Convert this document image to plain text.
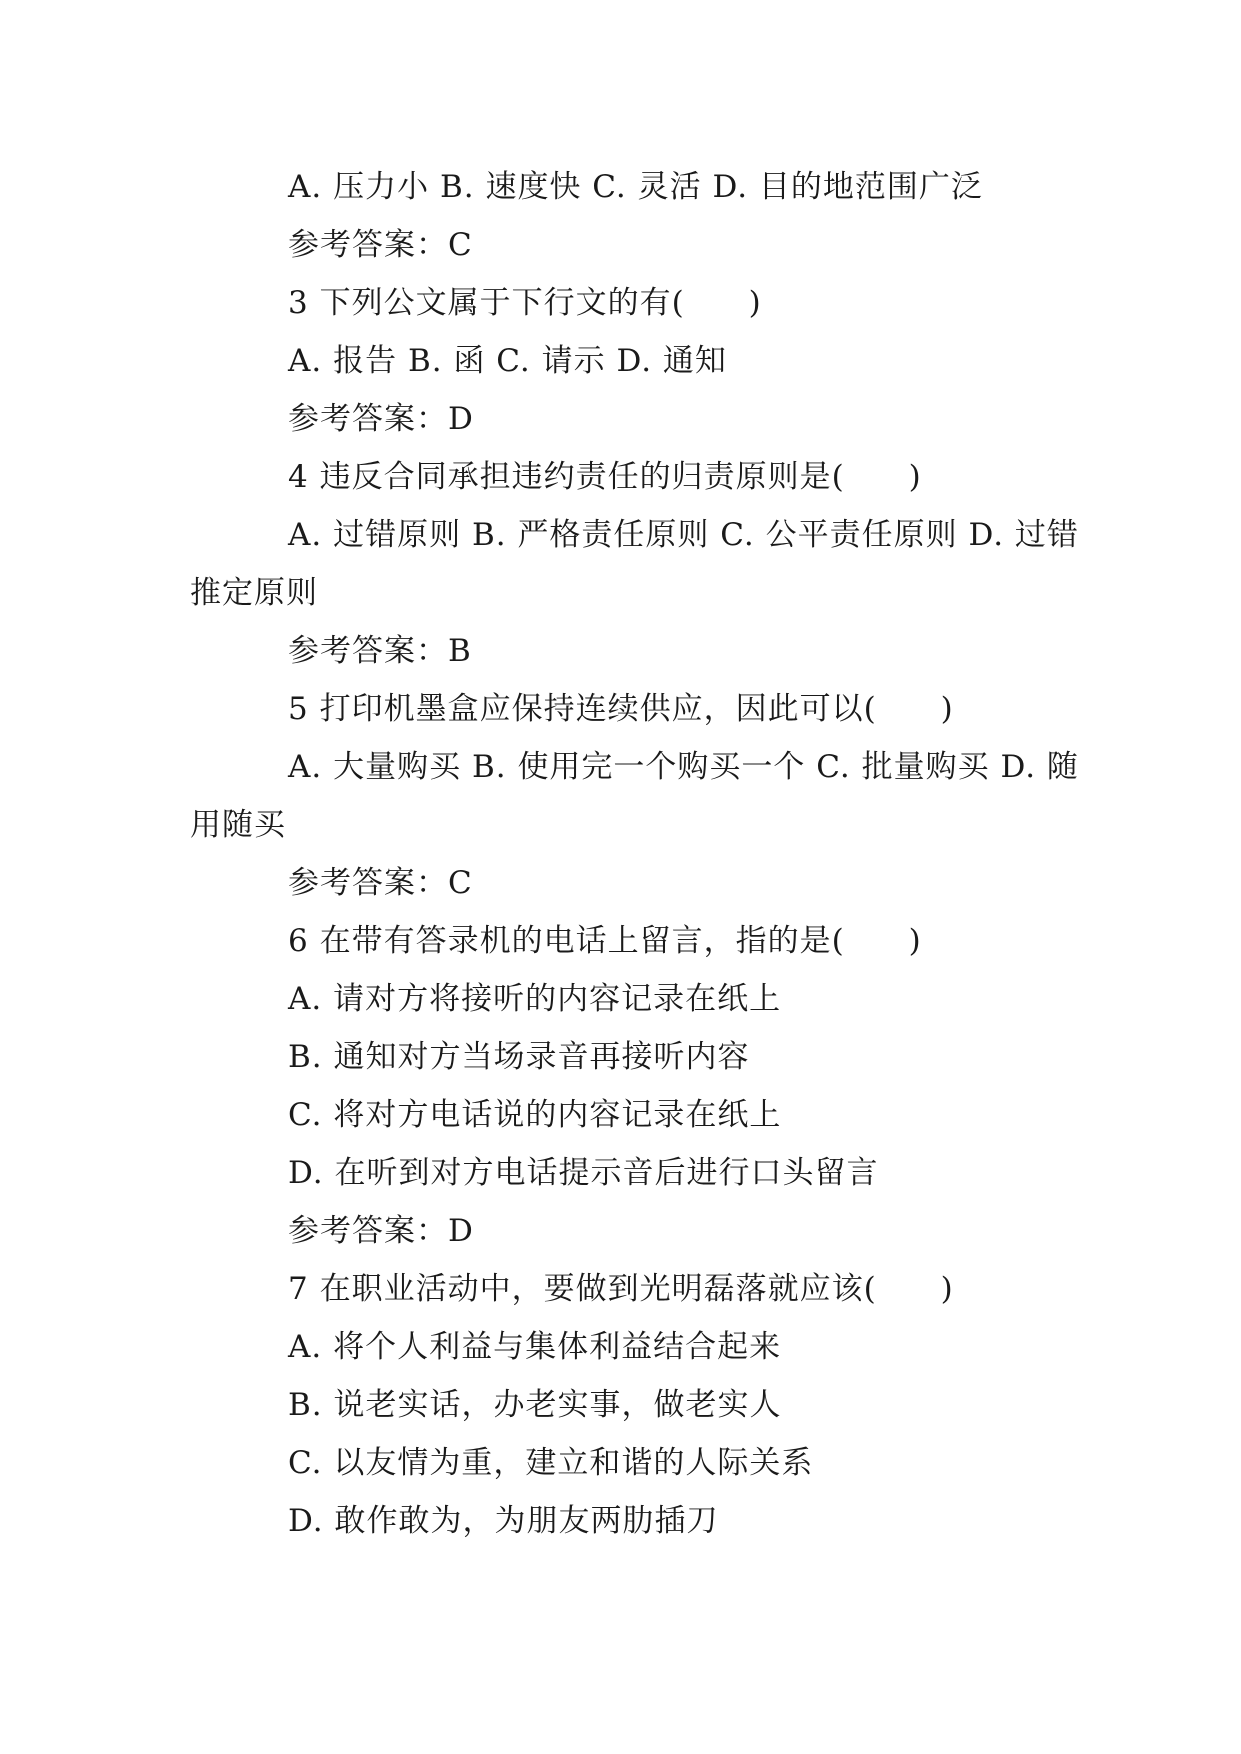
A. 压力小 B. 速度快 C. 灵活 D. 目的地范围广泛
参考答案：C
3 下列公文属于下行文的有(　　)
A. 报告 B. 函 C. 请示 D. 通知
参考答案：D
4 违反合同承担违约责任的归责原则是(　　)
A. 过错原则 B. 严格责任原则 C. 公平责任原则 D. 过错
推定原则
参考答案：B
5 打印机墨盒应保持连续供应，因此可以(　　)
A. 大量购买 B. 使用完一个购买一个 C. 批量购买 D. 随
用随买
参考答案：C
6 在带有答录机的电话上留言，指的是(　　)
A. 请对方将接听的内容记录在纸上
B. 通知对方当场录音再接听内容
C. 将对方电话说的内容记录在纸上
D. 在听到对方电话提示音后进行口头留言
参考答案：D
7 在职业活动中，要做到光明磊落就应该(　　)
A. 将个人利益与集体利益结合起来
B. 说老实话，办老实事，做老实人
C. 以友情为重，建立和谐的人际关系
D. 敢作敢为，为朋友两肋插刀
